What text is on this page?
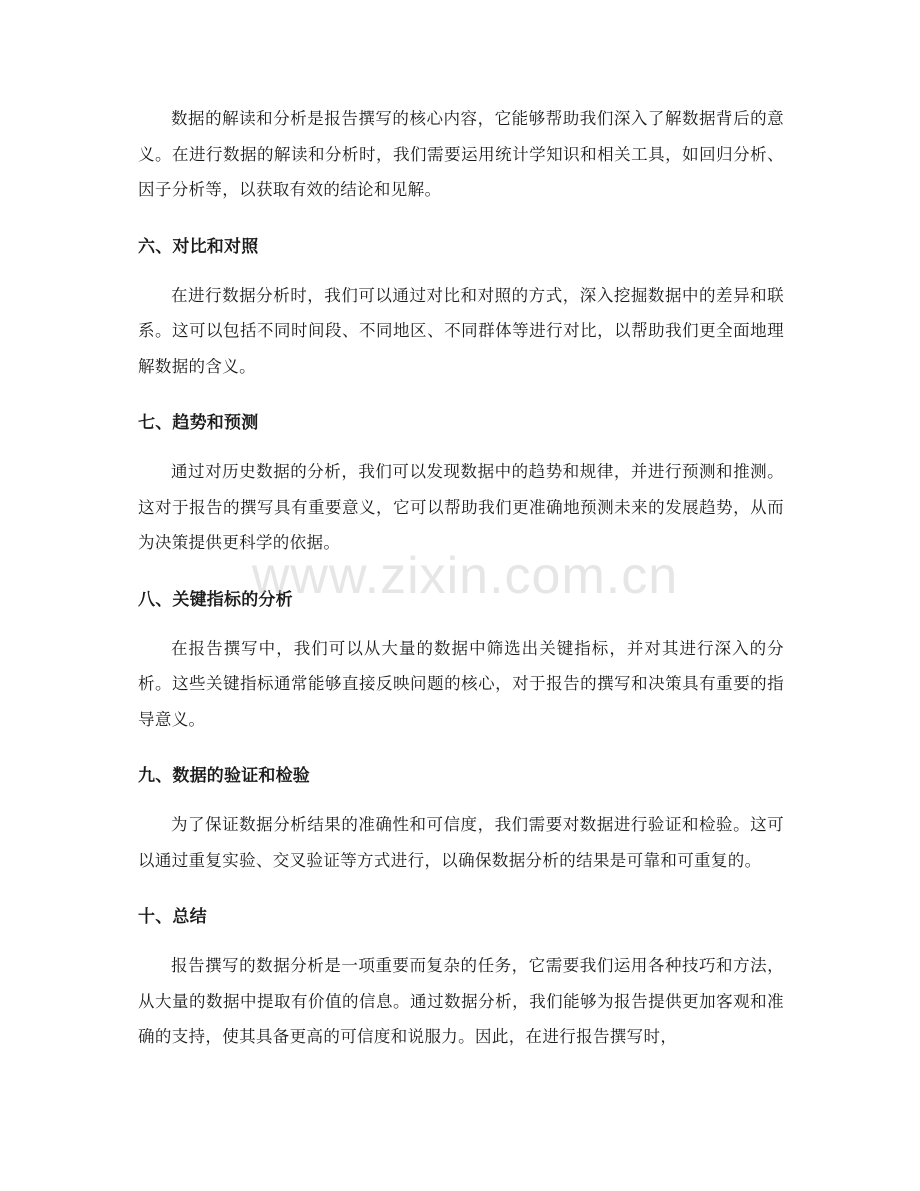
数据的解读和分析是报告撰写的核心内容，它能够帮助我们深入了解数据背后的意义。在进行数据的解读和分析时，我们需要运用统计学知识和相关工具，如回归分析、因子分析等，以获取有效的结论和见解。

六、对比和对照

在进行数据分析时，我们可以通过对比和对照的方式，深入挖掘数据中的差异和联系。这可以包括不同时间段、不同地区、不同群体等进行对比，以帮助我们更全面地理解数据的含义。

七、趋势和预测

通过对历史数据的分析，我们可以发现数据中的趋势和规律，并进行预测和推测。这对于报告的撰写具有重要意义，它可以帮助我们更准确地预测未来的发展趋势，从而为决策提供更科学的依据。

八、关键指标的分析

在报告撰写中，我们可以从大量的数据中筛选出关键指标，并对其进行深入的分析。这些关键指标通常能够直接反映问题的核心，对于报告的撰写和决策具有重要的指导意义。

九、数据的验证和检验

为了保证数据分析结果的准确性和可信度，我们需要对数据进行验证和检验。这可以通过重复实验、交叉验证等方式进行，以确保数据分析的结果是可靠和可重复的。

十、总结

报告撰写的数据分析是一项重要而复杂的任务，它需要我们运用各种技巧和方法，从大量的数据中提取有价值的信息。通过数据分析，我们能够为报告提供更加客观和准确的支持，使其具备更高的可信度和说服力。因此，在进行报告撰写时，

www.zixin.com.cn
